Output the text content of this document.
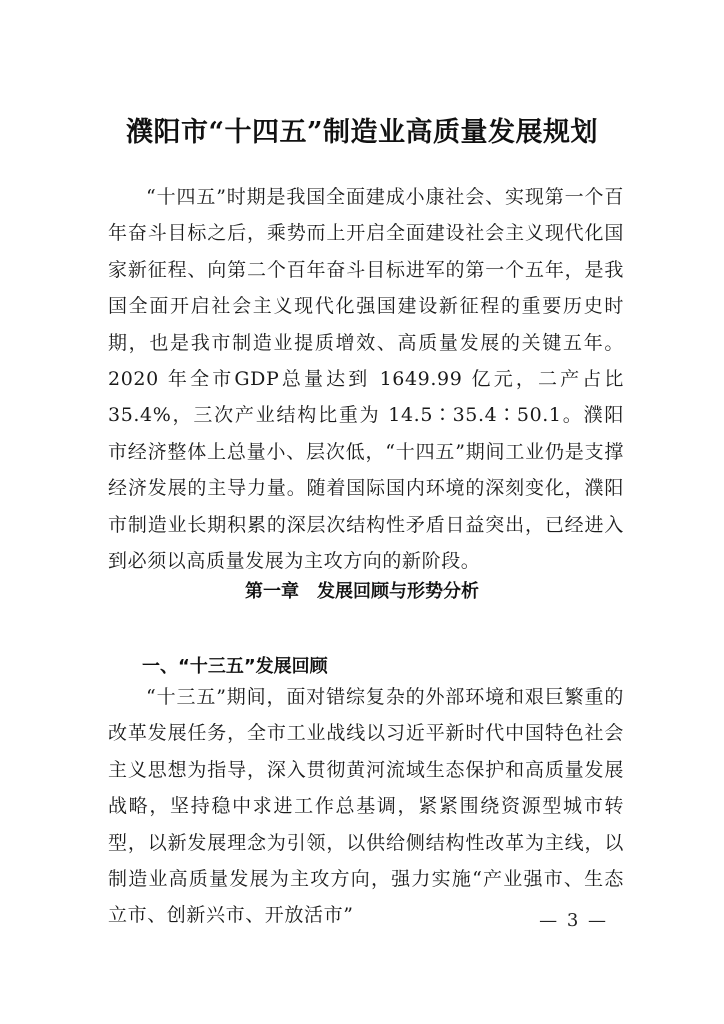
濮阳市“十四五”制造业高质量发展规划

“十四五”时期是我国全面建成小康社会、实现第一个百年奋斗目标之后，乘势而上开启全面建设社会主义现代化国家新征程、向第二个百年奋斗目标进军的第一个五年，是我国全面开启社会主义现代化强国建设新征程的重要历史时期，也是我市制造业提质增效、高质量发展的关键五年。2020 年全市GDP总量达到 1649.99 亿元，二产占比 35.4%，三次产业结构比重为 14.5∶35.4∶50.1。濮阳市经济整体上总量小、层次低，“十四五”期间工业仍是支撑经济发展的主导力量。随着国际国内环境的深刻变化，濮阳市制造业长期积累的深层次结构性矛盾日益突出，已经进入到必须以高质量发展为主攻方向的新阶段。

第一章　发展回顾与形势分析
一、“十三五”发展回顾

“十三五”期间，面对错综复杂的外部环境和艰巨繁重的改革发展任务，全市工业战线以习近平新时代中国特色社会主义思想为指导，深入贯彻黄河流域生态保护和高质量发展战略，坚持稳中求进工作总基调，紧紧围绕资源型城市转型，以新发展理念为引领，以供给侧结构性改革为主线，以制造业高质量发展为主攻方向，强力实施“产业强市、生态立市、创新兴市、开放活市”	— 3 —
